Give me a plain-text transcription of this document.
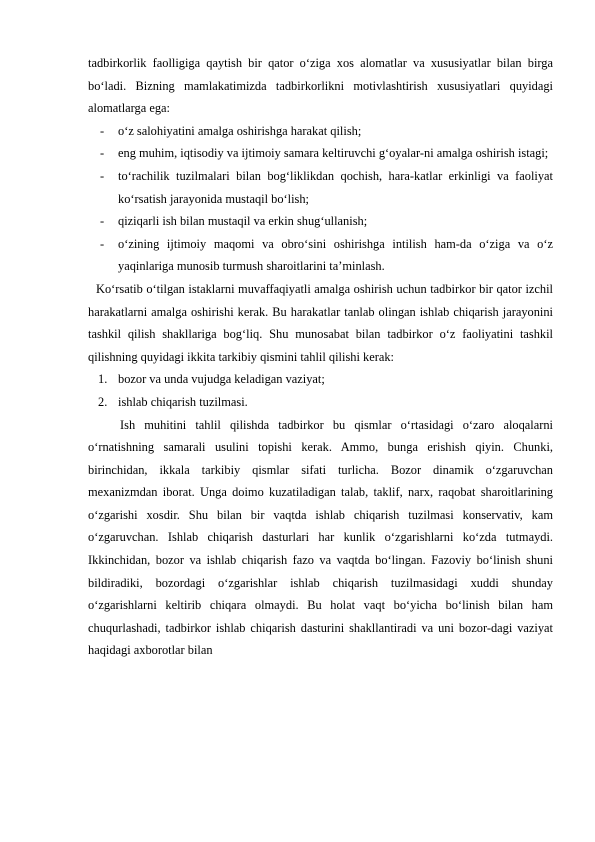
tadbirkorlik faolligiga qaytish bir qator o‘ziga xos alomatlar va xususiyatlar bilan birga bo‘ladi. Bizning mamlakatimizda tadbirkorlikni motivlashtirish xususiyatlari quyidagi alomatlarga ega:

-	o‘z salohiyatini amalga oshirishga harakat qilish;
-	eng muhim, iqtisodiy va ijtimoiy samara keltiruvchi g‘oyalar-ni amalga oshirish istagi;
-	to‘rachilik tuzilmalari bilan bog‘liklikdan qochish, hara-katlar erkinligi va faoliyat ko‘rsatish jarayonida mustaqil bo‘lish;
-	qiziqarli ish bilan mustaqil va erkin shug‘ullanish;
-	o‘zining ijtimoiy maqomi va obro‘sini oshirishga intilish ham-da o‘ziga va o‘z yaqinlariga munosib turmush sharoitlarini ta’minlash.

Ko‘rsatib o‘tilgan istaklarni muvaffaqiyatli amalga oshirish uchun tadbirkor bir qator izchil harakatlarni amalga oshirishi kerak. Bu harakatlar tanlab olingan ishlab chiqarish jarayonini tashkil qilish shakllariga bog‘liq. Shu munosabat bilan tadbirkor o‘z faoliyatini tashkil qilishning quyidagi ikkita tarkibiy qismini tahlil qilishi kerak:

1. bozor va unda vujudga keladigan vaziyat;
2. ishlab chiqarish tuzilmasi.

Ish muhitini tahlil qilishda tadbirkor bu qismlar o‘rtasidagi o‘zaro aloqalarni o‘rnatishning samarali usulini topishi kerak. Ammo, bunga erishish qiyin. Chunki, birinchidan, ikkala tarkibiy qismlar sifati turlicha. Bozor dinamik o‘zgaruvchan mexanizmdan iborat. Unga doimo kuzatiladigan talab, taklif, narx, raqobat sharoitlarining o‘zgarishi xosdir. Shu bilan bir vaqtda ishlab chiqarish tuzilmasi konservativ, kam o‘zgaruvchan. Ishlab chiqarish dasturlari har kunlik o‘zgarishlarni ko‘zda tutmaydi. Ikkinchidan, bozor va ishlab chiqarish fazo va vaqtda bo‘lingan. Fazoviy bo‘linish shuni bildiradiki, bozordagi o‘zgarishlar ishlab chiqarish tuzilmasidagi xuddi shunday o‘zgarishlarni keltirib chiqara olmaydi. Bu holat vaqt bo‘yicha bo‘linish bilan ham chuqurlashadi, tadbirkor ishlab chiqarish dasturini shakllantiradi va uni bozor-dagi vaziyat haqidagi axborotlar bilan
